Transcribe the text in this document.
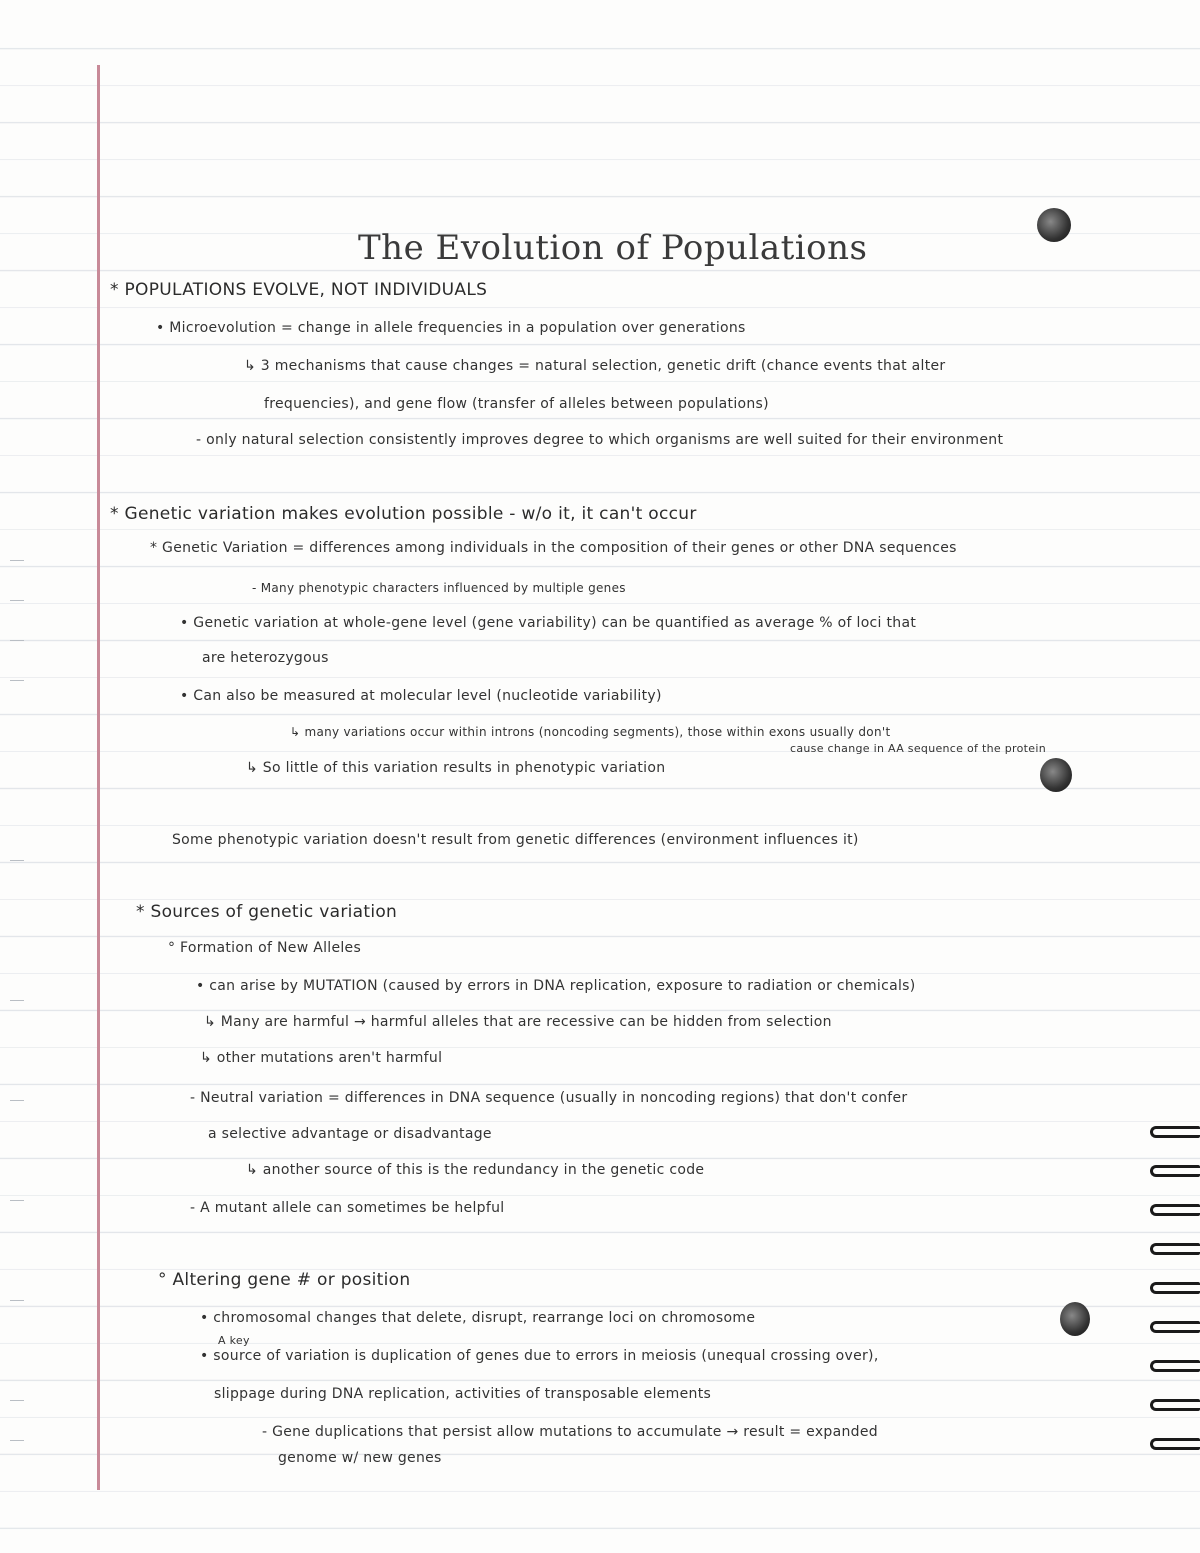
The Evolution of Populations
* POPULATIONS EVOLVE, NOT INDIVIDUALS
• Microevolution = change in allele frequencies in a population over generations
↳ 3 mechanisms that cause changes = natural selection, genetic drift (chance events that alter
frequencies), and gene flow (transfer of alleles between populations)
- only natural selection consistently improves degree to which organisms are well suited for their environment
* Genetic variation makes evolution possible - w/o it, it can't occur
* Genetic Variation = differences among individuals in the composition of their genes or other DNA sequences
- Many phenotypic characters influenced by multiple genes
• Genetic variation at whole-gene level (gene variability) can be quantified as average % of loci that
are heterozygous
• Can also be measured at molecular level (nucleotide variability)
↳ many variations occur within introns (noncoding segments), those within exons usually don't
cause change in AA sequence of the protein
↳ So little of this variation results in phenotypic variation
Some phenotypic variation doesn't result from genetic differences (environment influences it)
* Sources of genetic variation
° Formation of New Alleles
• can arise by MUTATION (caused by errors in DNA replication, exposure to radiation or chemicals)
↳ Many are harmful → harmful alleles that are recessive can be hidden from selection
↳ other mutations aren't harmful
- Neutral variation = differences in DNA sequence (usually in noncoding regions) that don't confer
a selective advantage or disadvantage
↳ another source of this is the redundancy in the genetic code
- A mutant allele can sometimes be helpful
° Altering gene # or position
• chromosomal changes that delete, disrupt, rearrange loci on chromosome
A key
• source of variation is duplication of genes due to errors in meiosis (unequal crossing over),
slippage during DNA replication, activities of transposable elements
- Gene duplications that persist allow mutations to accumulate → result = expanded
genome w/ new genes
